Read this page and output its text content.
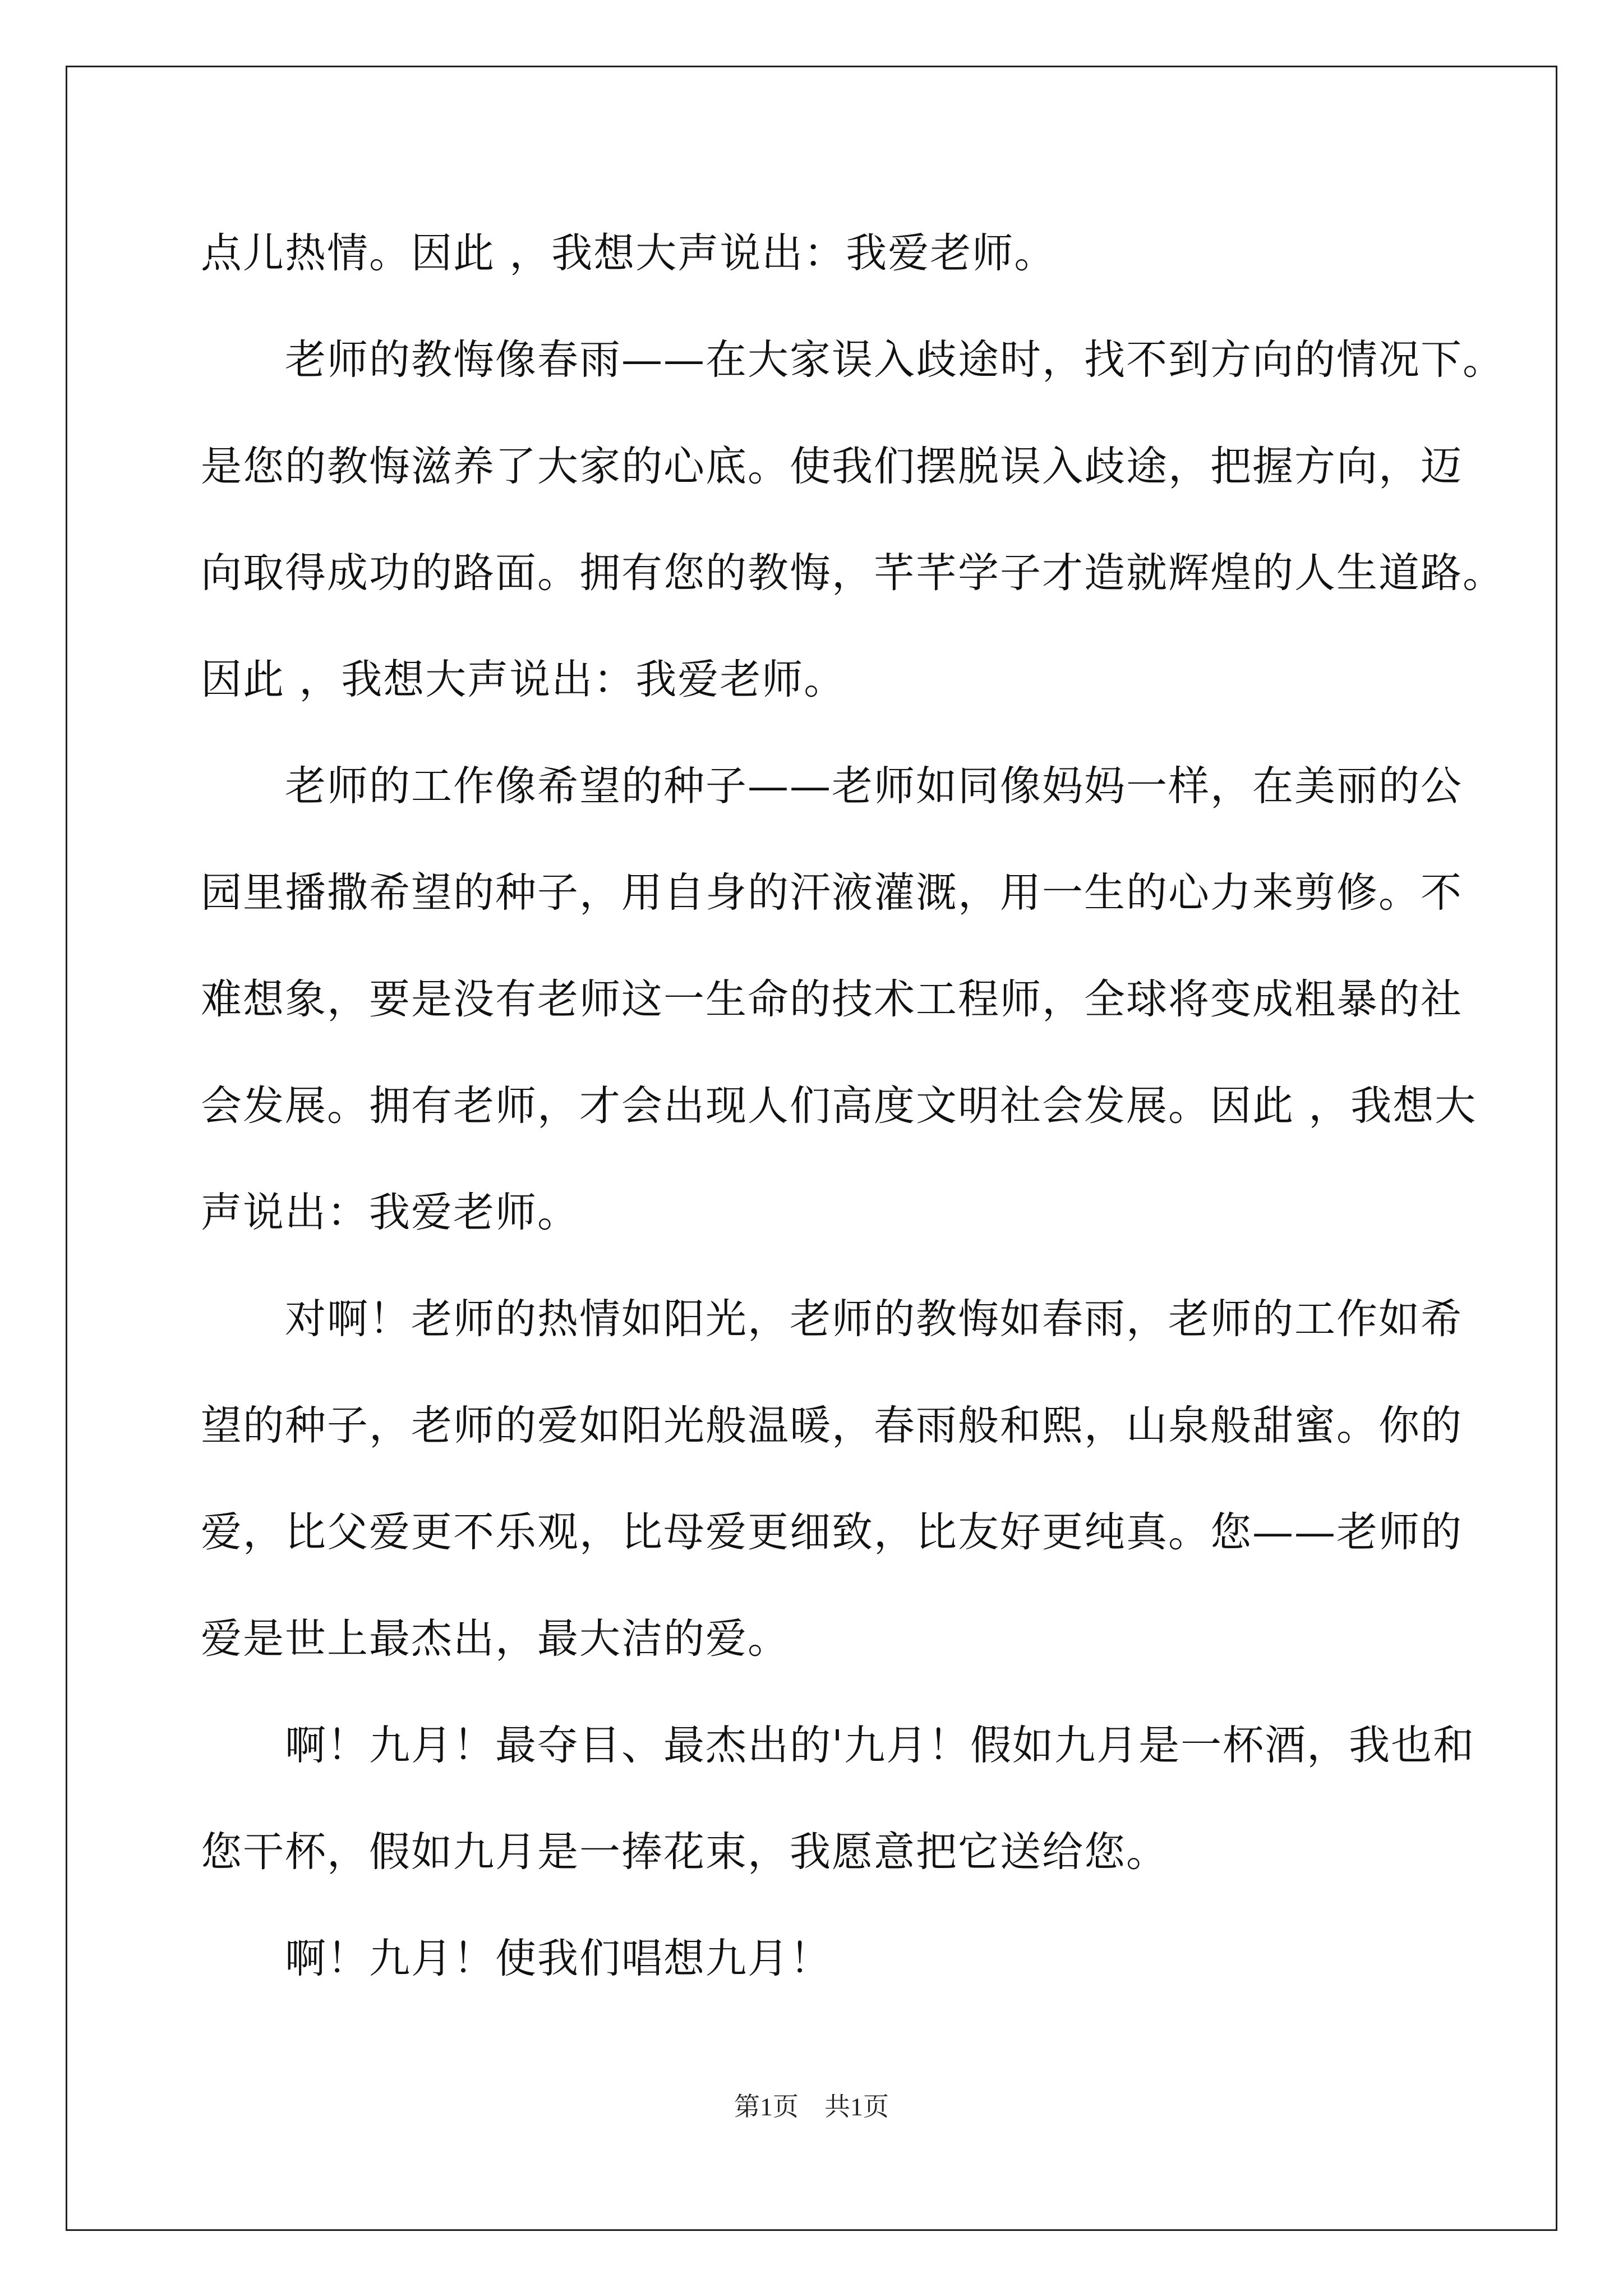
点儿热情。因此 ，我想大声说出：我爱老师。
　　老师的教悔像春雨——在大家误入歧途时，找不到方向的情况下。
是您的教悔滋养了大家的心底。使我们摆脱误入歧途，把握方向，迈
向取得成功的路面。拥有您的教悔，芊芊学子才造就辉煌的人生道路。
因此 ，我想大声说出：我爱老师。
　　老师的工作像希望的种子——老师如同像妈妈一样，在美丽的公
园里播撒希望的种子，用自身的汗液灌溉，用一生的心力来剪修。不
难想象，要是没有老师这一生命的技术工程师，全球将变成粗暴的社
会发展。拥有老师，才会出现人们高度文明社会发展。因此 ，我想大
声说出：我爱老师。
　　对啊！老师的热情如阳光，老师的教悔如春雨，老师的工作如希
望的种子，老师的爱如阳光般温暖，春雨般和熙，山泉般甜蜜。你的
爱，比父爱更不乐观，比母爱更细致，比友好更纯真。您——老师的
爱是世上最杰出，最大洁的爱。
　　啊！九月！最夺目、最杰出的'九月！假如九月是一杯酒，我也和
您干杯，假如九月是一捧花束，我愿意把它送给您。
　　啊！九月！使我们唱想九月！
第1页　共1页
